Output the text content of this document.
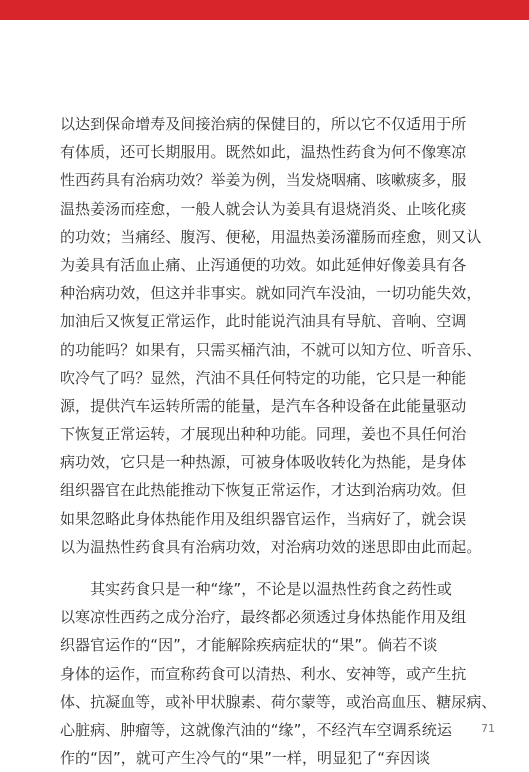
以达到保命增寿及间接治病的保健目的，所以它不仅适用于所
有体质，还可长期服用。既然如此，温热性药食为何不像寒凉
性西药具有治病功效？举姜为例，当发烧咽痛、咳嗽痰多，服
温热姜汤而痊愈，一般人就会认为姜具有退烧消炎、止咳化痰
的功效；当痛经、腹泻、便秘，用温热姜汤灌肠而痊愈，则又认
为姜具有活血止痛、止泻通便的功效。如此延伸好像姜具有各
种治病功效，但这并非事实。就如同汽车没油，一切功能失效，
加油后又恢复正常运作，此时能说汽油具有导航、音响、空调
的功能吗？如果有，只需买桶汽油，不就可以知方位、听音乐、
吹冷气了吗？显然，汽油不具任何特定的功能，它只是一种能
源，提供汽车运转所需的能量，是汽车各种设备在此能量驱动
下恢复正常运转，才展现出种种功能。同理，姜也不具任何治
病功效，它只是一种热源，可被身体吸收转化为热能，是身体
组织器官在此热能推动下恢复正常运作，才达到治病功效。但
如果忽略此身体热能作用及组织器官运作，当病好了，就会误
以为温热性药食具有治病功效，对治病功效的迷思即由此而起。
　　其实药食只是一种“缘”，不论是以温热性药食之药性或
以寒凉性西药之成分治疗，最终都必须透过身体热能作用及组
织器官运作的“因”，才能解除疾病症状的“果”。倘若不谈
身体的运作，而宣称药食可以清热、利水、安神等，或产生抗
体、抗凝血等，或补甲状腺素、荷尔蒙等，或治高血压、糖尿病、
心脏病、肿瘤等，这就像汽油的“缘”，不经汽车空调系统运
作的“因”，就可产生冷气的“果”一样，明显犯了“弃因谈
71
